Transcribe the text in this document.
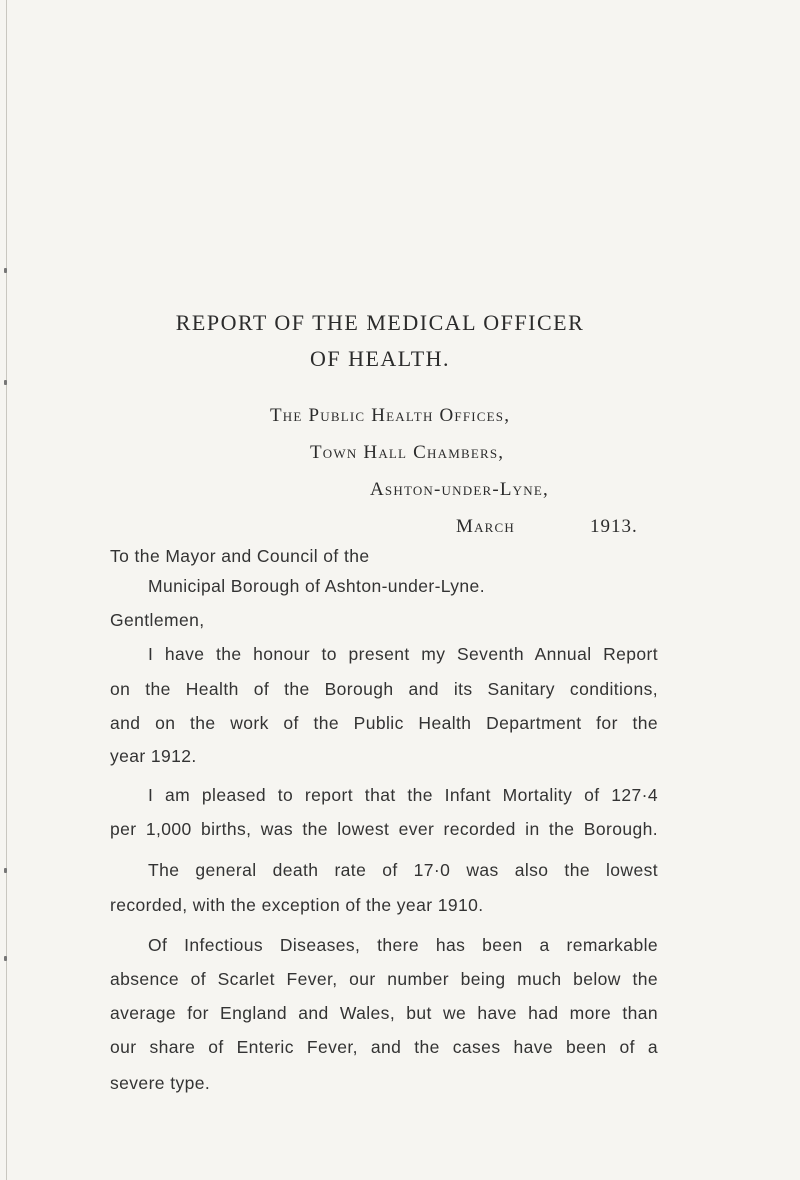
REPORT OF THE MEDICAL OFFICER
OF HEALTH.
The Public Health Offices,
Town Hall Chambers,
Ashton-under-Lyne,
March	1913.
To the Mayor and Council of the
Municipal Borough of Ashton-under-Lyne.
Gentlemen,
I have the honour to present my Seventh Annual Report
on the Health of the Borough and its Sanitary conditions,
and on the work of the Public Health Department for the
year 1912.
I am pleased to report that the Infant Mortality of 127·4
per 1,000 births, was the lowest ever recorded in the Borough.
The general death rate of 17·0 was also the lowest
recorded, with the exception of the year 1910.
Of Infectious Diseases, there has been a remarkable
absence of Scarlet Fever, our number being much below the
average for England and Wales, but we have had more than
our share of Enteric Fever, and the cases have been of a
severe type.
